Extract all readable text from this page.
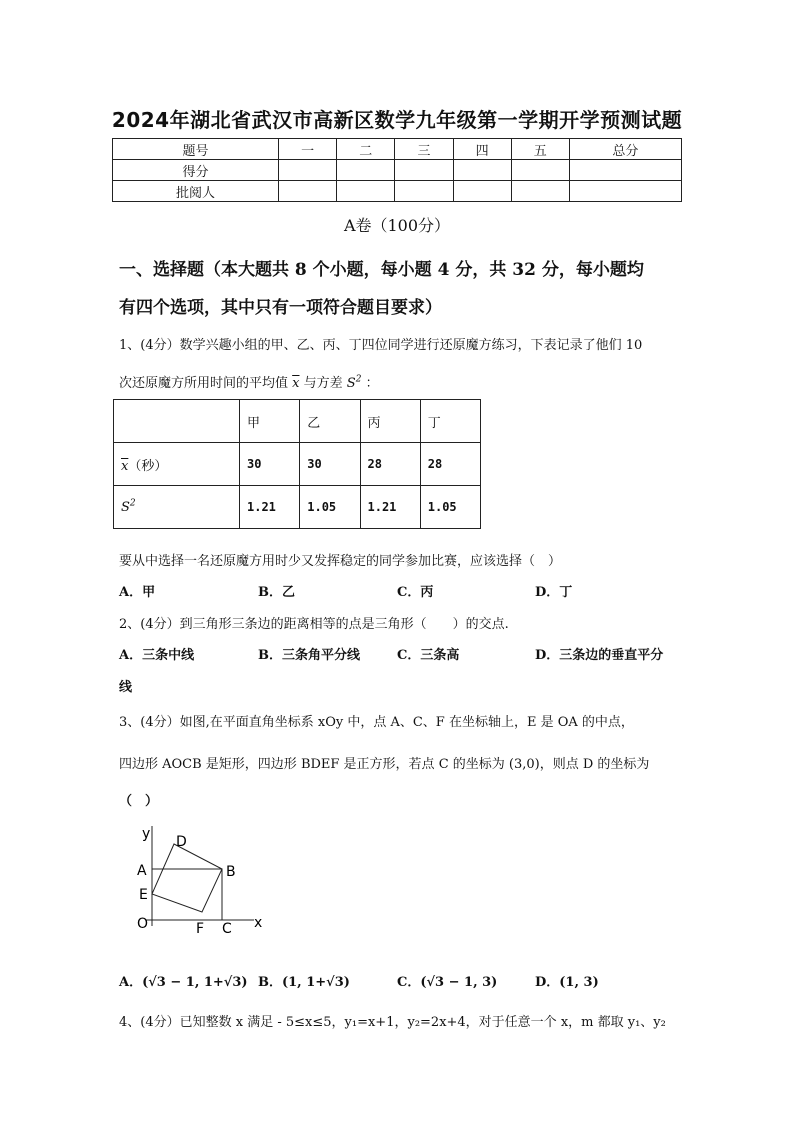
2024年湖北省武汉市高新区数学九年级第一学期开学预测试题
题号	一	二	三	四	五	总分
得分						
批阅人						
A卷（100分）
一、选择题（本大题共 8 个小题，每小题 4 分，共 32 分，每小题均
有四个选项，其中只有一项符合题目要求）
1、(4分）数学兴趣小组的甲、乙、丙、丁四位同学进行还原魔方练习，下表记录了他们 10
次还原魔方所用时间的平均值 $\overline{x}$ 与方差 $S^2$ ：
	甲	乙	丙	丁
$\overline{x}$（秒）	30	30	28	28
$S^2$	1.21	1.05	1.21	1.05
要从中选择一名还原魔方用时少又发挥稳定的同学参加比赛，应该选择（　）
A．甲	B．乙	C．丙	D．丁
2、(4分）到三角形三条边的距离相等的点是三角形（　　）的交点.
A．三条中线	B．三条角平分线	C．三条高	D．三条边的垂直平分
线
3、(4分）如图,在平面直角坐标系 xOy 中，点 A、C、F 在坐标轴上，E 是 OA 的中点，
四边形 AOCB 是矩形，四边形 BDEF 是正方形，若点 C 的坐标为 (3,0)，则点 D 的坐标为
（　）
y D
A	B
E
O	F C x
A．(√3 − 1, 1+√3) B．(1, 1+√3)	C．(√3 − 1, 3)	D．(1, 3)
4、(4分）已知整数 x 满足 - 5≤x≤5，y₁=x+1，y₂=2x+4，对于任意一个 x，m 都取 y₁、y₂
